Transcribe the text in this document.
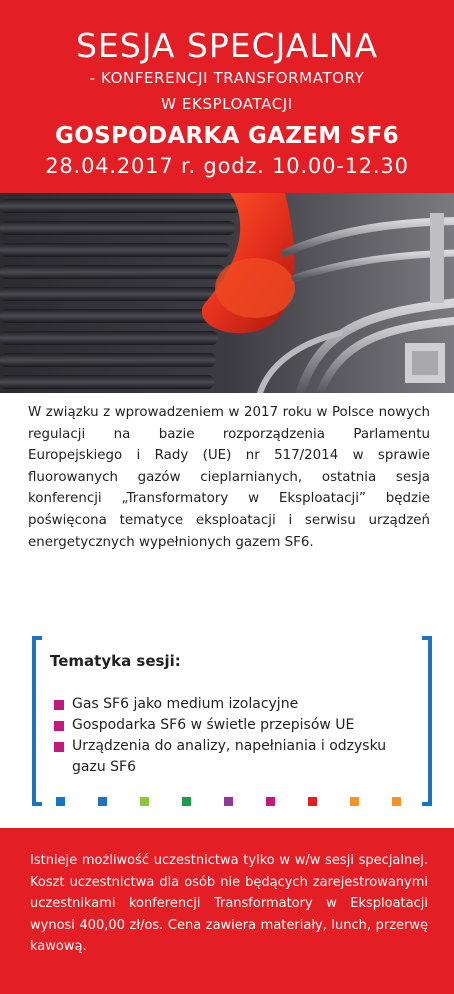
SESJA SPECJALNA
- KONFERENCJI TRANSFORMATORY
W EKSPLOATACJI
GOSPODARKA GAZEM SF6
28.04.2017 r. godz. 10.00-12.30
W związku z wprowadzeniem w 2017 roku w Polsce nowych regulacji na bazie rozporządzenia Parlamentu Europejskiego i Rady (UE) nr 517/2014 w sprawie fluorowanych gazów cieplarnianych, ostatnia sesja konferencji „Transformatory w Eksploatacji” będzie poświęcona tematyce eksploatacji i serwisu urządzeń energetycznych wypełnionych gazem SF6.
Tematyka sesji:
Gas SF6 jako medium izolacyjne
Gospodarka SF6 w świetle przepisów UE
Urządzenia do analizy, napełniania i odzysku gazu SF6
Istnieje możliwość uczestnictwa tylko w w/w sesji specjalnej. Koszt uczestnictwa dla osób nie będących zarejestrowanymi uczestnikami konferencji Transformatory w Eksploatacji wynosi 400,00 zł/os. Cena zawiera materiały, lunch, przerwę kawową.
